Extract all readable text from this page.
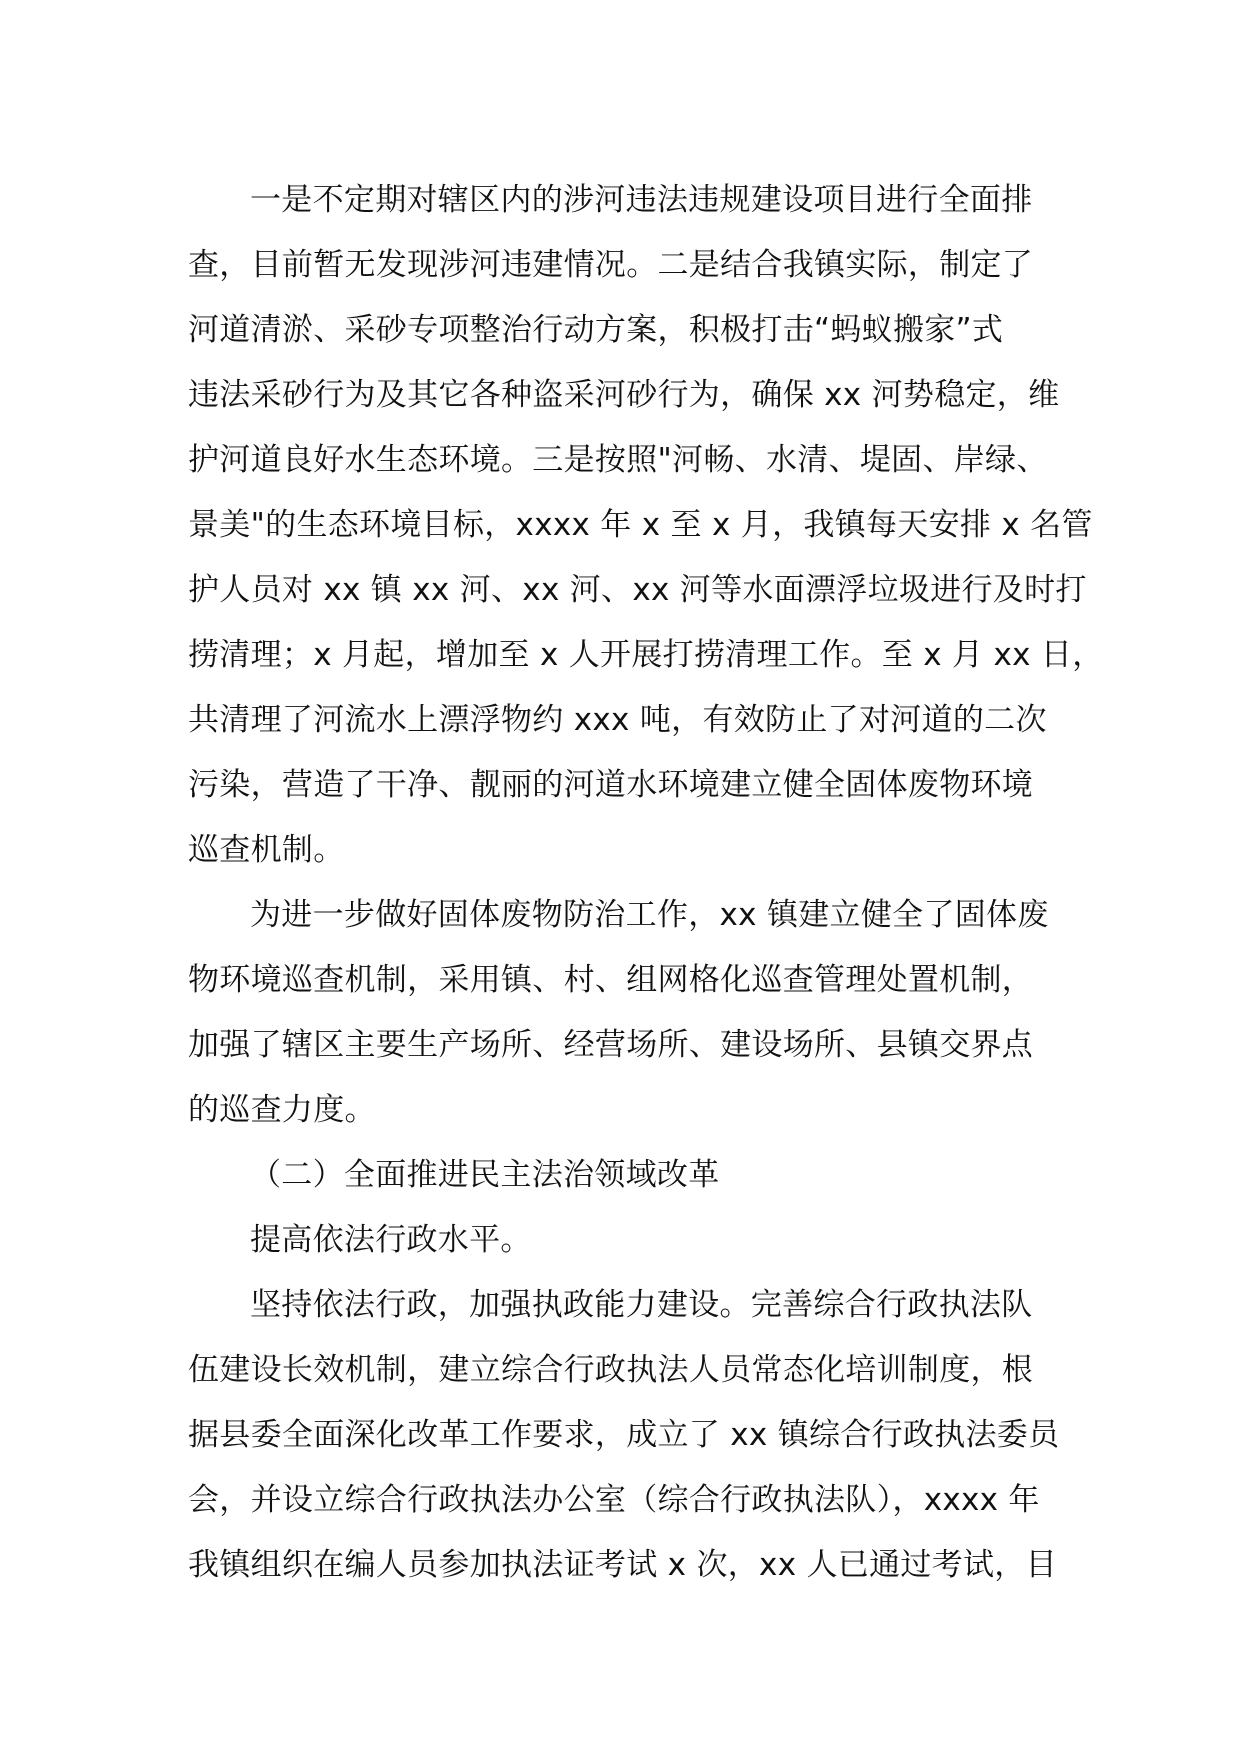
一是不定期对辖区内的涉河违法违规建设项目进行全面排
查，目前暂无发现涉河违建情况。二是结合我镇实际，制定了
河道清淤、采砂专项整治行动方案，积极打击“蚂蚁搬家”式
违法采砂行为及其它各种盗采河砂行为，确保 xx 河势稳定，维
护河道良好水生态环境。三是按照"河畅、水清、堤固、岸绿、
景美"的生态环境目标，xxxx 年 x 至 x 月，我镇每天安排 x 名管
护人员对 xx 镇 xx 河、xx 河、xx 河等水面漂浮垃圾进行及时打
捞清理；x 月起，增加至 x 人开展打捞清理工作。至 x 月 xx 日，
共清理了河流水上漂浮物约 xxx 吨，有效防止了对河道的二次
污染，营造了干净、靓丽的河道水环境建立健全固体废物环境
巡查机制。
为进一步做好固体废物防治工作，xx 镇建立健全了固体废
物环境巡查机制，采用镇、村、组网格化巡查管理处置机制，
加强了辖区主要生产场所、经营场所、建设场所、县镇交界点
的巡查力度。
（二）全面推进民主法治领域改革
提高依法行政水平。
坚持依法行政，加强执政能力建设。完善综合行政执法队
伍建设长效机制，建立综合行政执法人员常态化培训制度，根
据县委全面深化改革工作要求，成立了 xx 镇综合行政执法委员
会，并设立综合行政执法办公室（综合行政执法队），xxxx 年
我镇组织在编人员参加执法证考试 x 次，xx 人已通过考试，目
